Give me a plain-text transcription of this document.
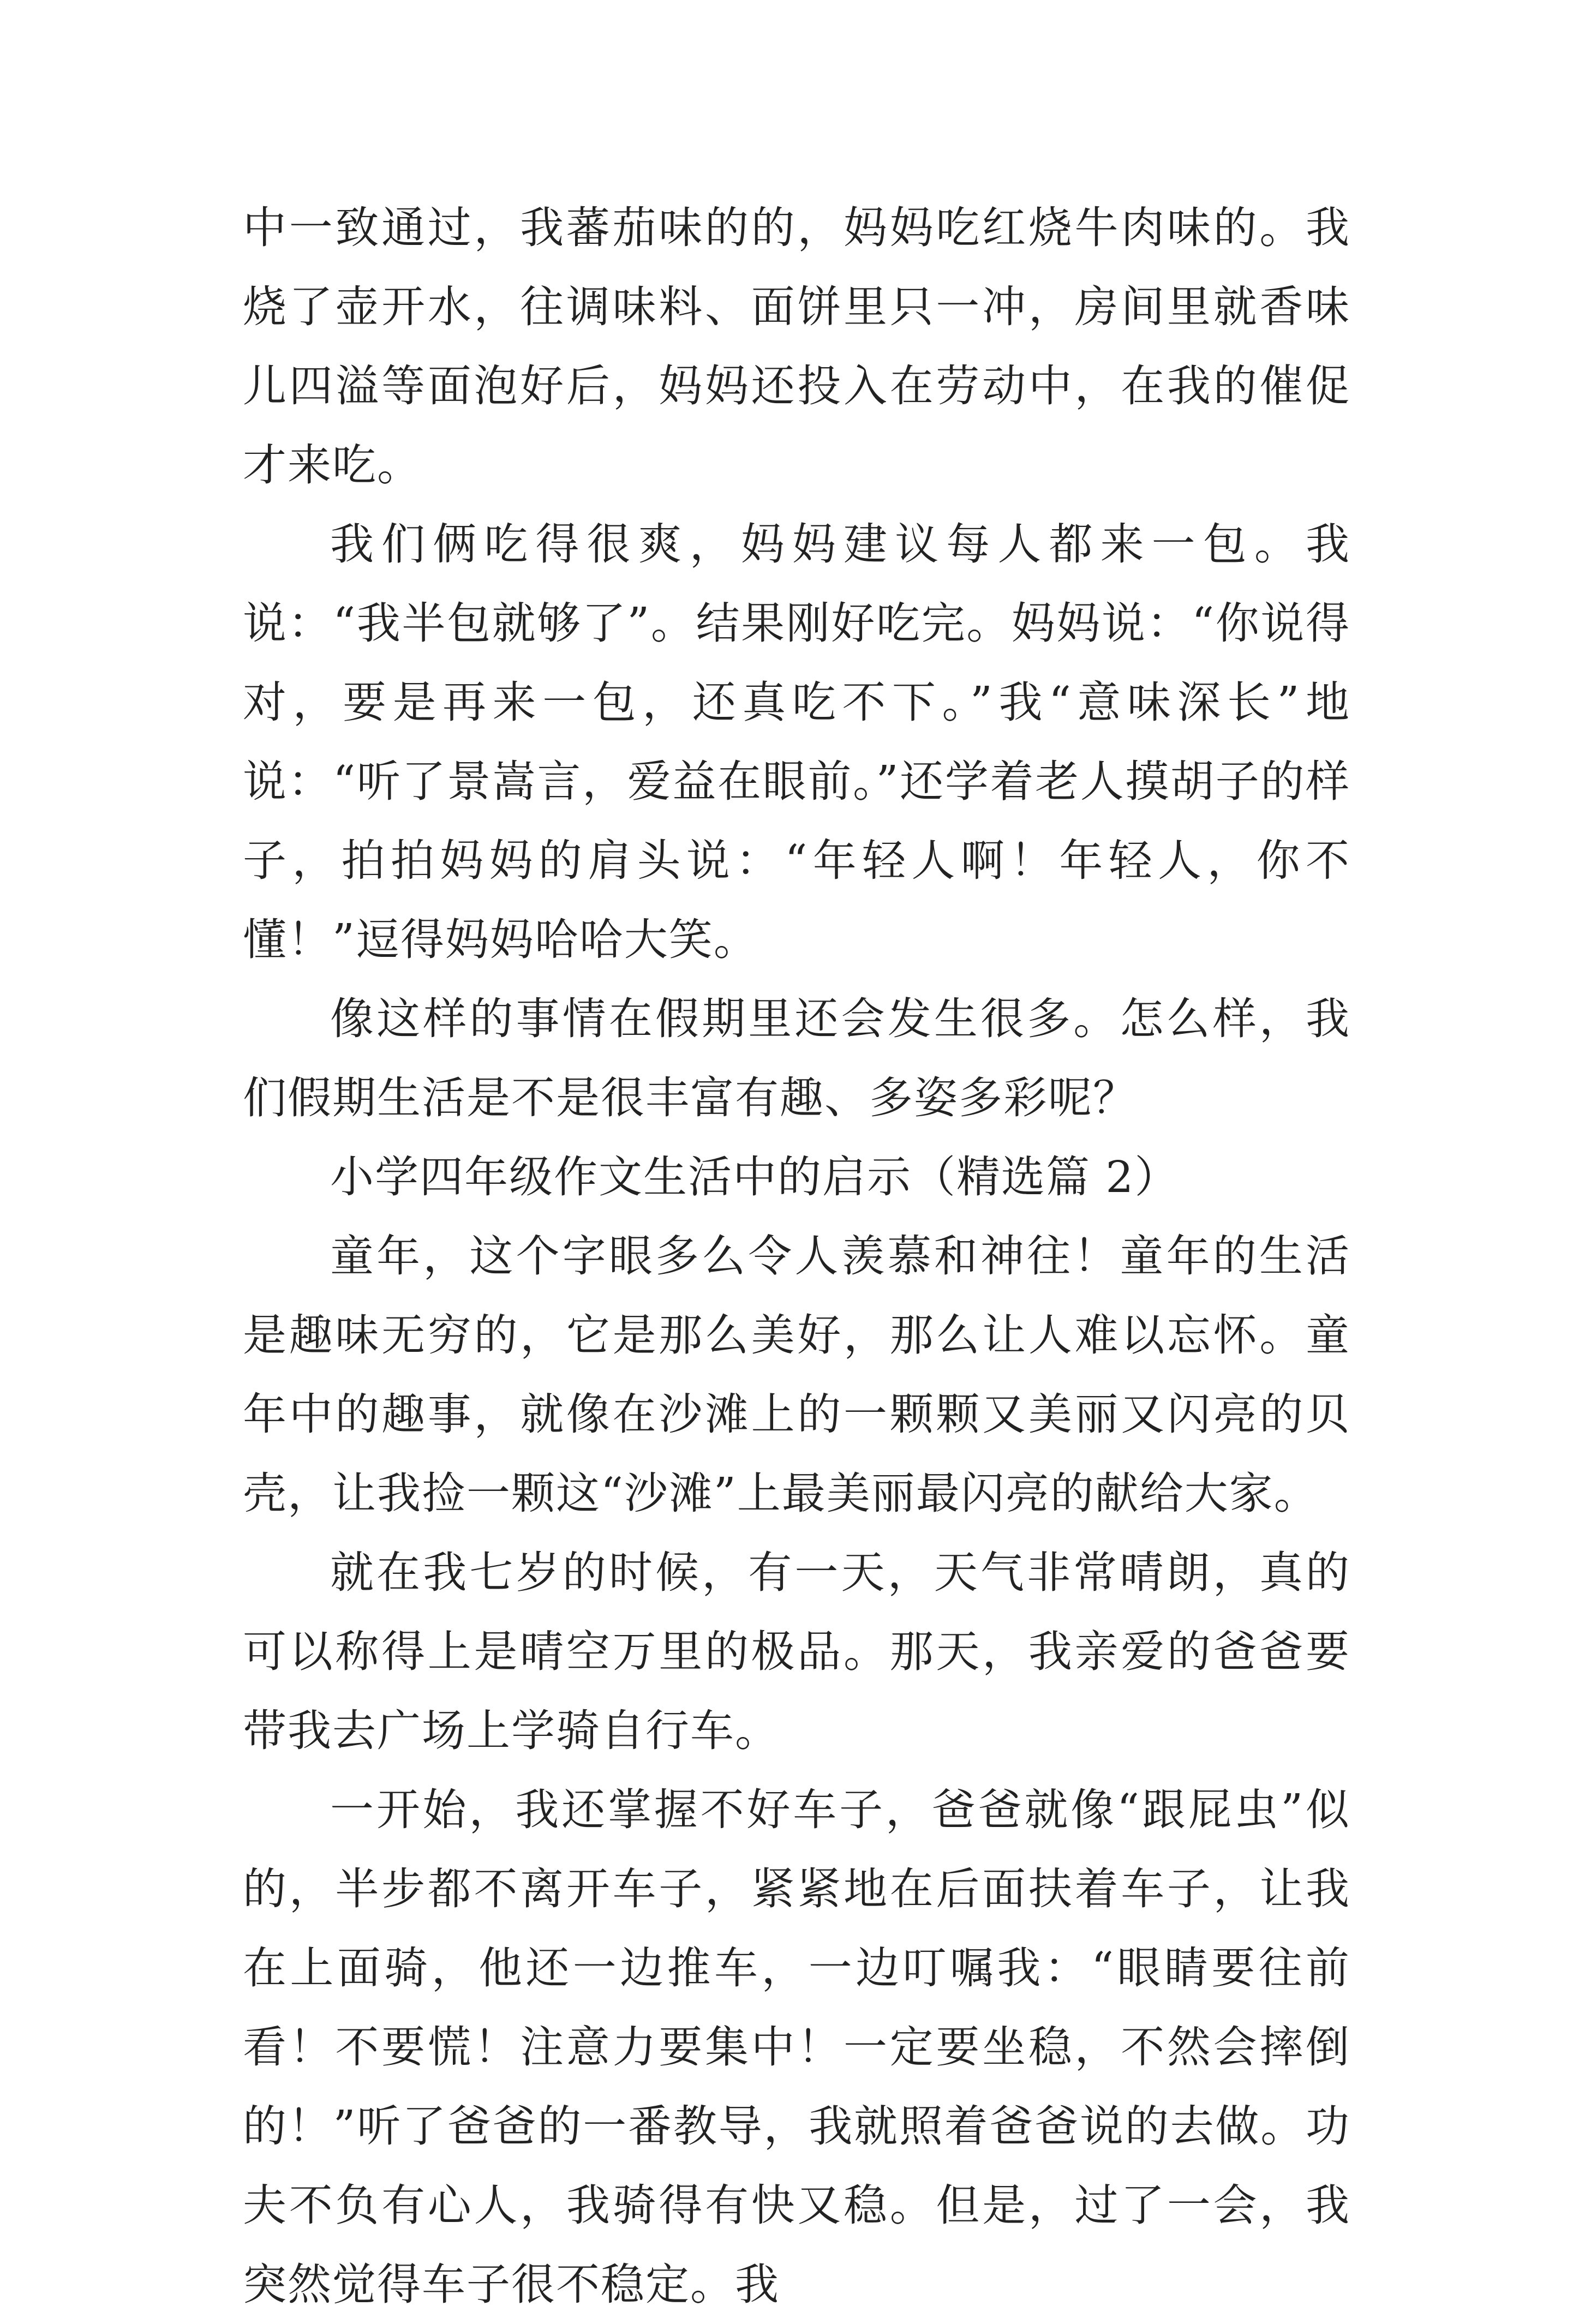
中一致通过，我蕃茄味的的，妈妈吃红烧牛肉味的。我烧了壶开水，往调味料、面饼里只一冲，房间里就香味儿四溢等面泡好后，妈妈还投入在劳动中，在我的催促才来吃。

我们俩吃得很爽，妈妈建议每人都来一包。我说：“我半包就够了”。结果刚好吃完。妈妈说：“你说得对，要是再来一包，还真吃不下。”我“意味深长”地说：“听了景嵩言，爱益在眼前。”还学着老人摸胡子的样子，拍拍妈妈的肩头说：“年轻人啊！年轻人，你不懂！”逗得妈妈哈哈大笑。

像这样的事情在假期里还会发生很多。怎么样，我们假期生活是不是很丰富有趣、多姿多彩呢？

小学四年级作文生活中的启示（精选篇 2）

童年，这个字眼多么令人羡慕和神往！童年的生活是趣味无穷的，它是那么美好，那么让人难以忘怀。童年中的趣事，就像在沙滩上的一颗颗又美丽又闪亮的贝壳，让我捡一颗这“沙滩”上最美丽最闪亮的献给大家。

就在我七岁的时候，有一天，天气非常晴朗，真的可以称得上是晴空万里的极品。那天，我亲爱的爸爸要带我去广场上学骑自行车。

一开始，我还掌握不好车子，爸爸就像“跟屁虫”似的，半步都不离开车子，紧紧地在后面扶着车子，让我在上面骑，他还一边推车，一边叮嘱我：“眼睛要往前看！不要慌！注意力要集中！一定要坐稳，不然会摔倒的！”听了爸爸的一番教导，我就照着爸爸说的去做。功夫不负有心人，我骑得有快又稳。但是，过了一会，我突然觉得车子很不稳定。我
